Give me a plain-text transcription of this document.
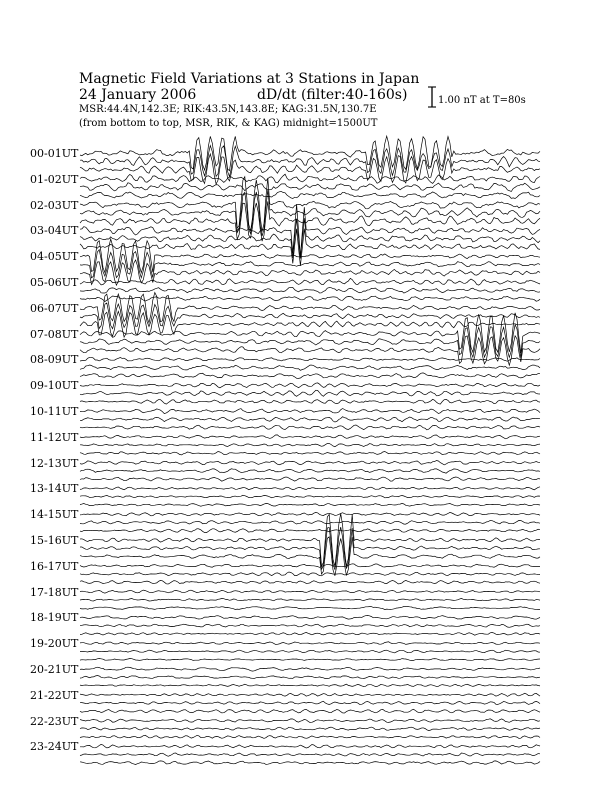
Magnetic Field Variations at 3 Stations in Japan
24 January 2006	dD/dt (filter:40-160s)
MSR:44.4N,142.3E; RIK:43.5N,143.8E; KAG:31.5N,130.7E
(from bottom to top, MSR, RIK, & KAG) midnight=1500UT
1.00 nT at T=80s
00-01UT
01-02UT
02-03UT
03-04UT
04-05UT
05-06UT
06-07UT
07-08UT
08-09UT
09-10UT
10-11UT
11-12UT
12-13UT
13-14UT
14-15UT
15-16UT
16-17UT
17-18UT
18-19UT
19-20UT
20-21UT
21-22UT
22-23UT
23-24UT
